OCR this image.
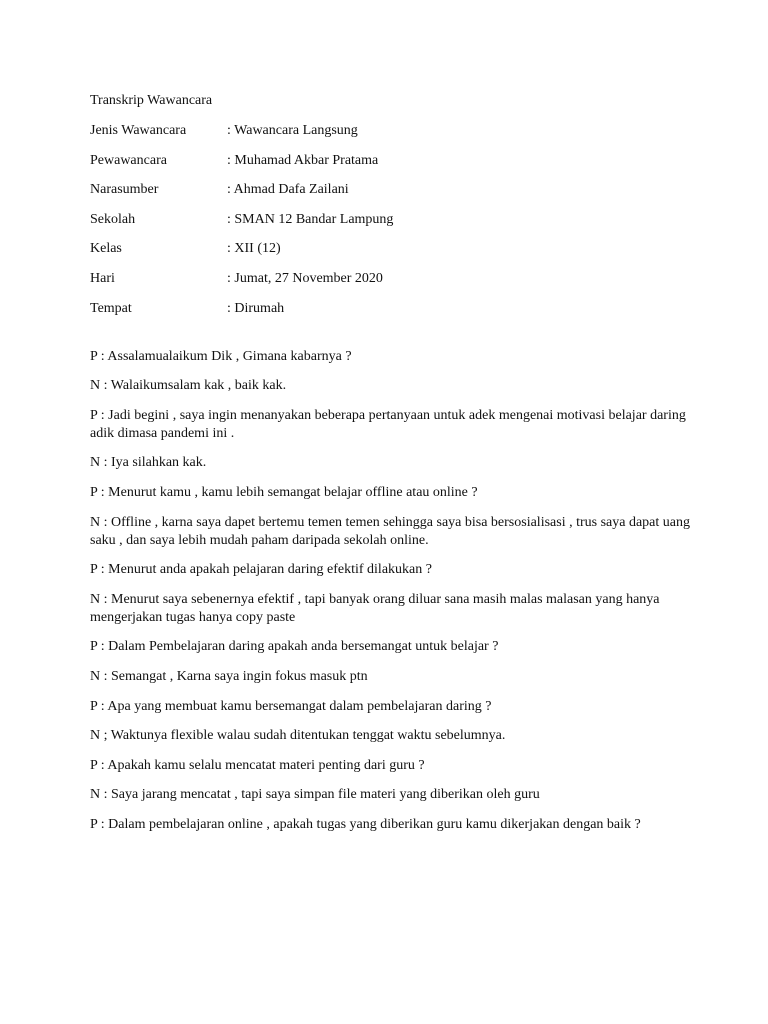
Transkrip Wawancara

Jenis Wawancara	: Wawancara Langsung
Pewawancara	: Muhamad Akbar Pratama
Narasumber	: Ahmad Dafa Zailani
Sekolah	: SMAN 12 Bandar Lampung
Kelas	: XII (12)
Hari	: Jumat, 27 November 2020
Tempat	: Dirumah

P : Assalamualaikum Dik , Gimana kabarnya ?

N : Walaikumsalam kak , baik kak.

P : Jadi begini , saya ingin menanyakan beberapa pertanyaan untuk adek mengenai motivasi belajar daring adik dimasa pandemi ini .

N : Iya silahkan kak.

P : Menurut kamu , kamu lebih semangat belajar offline atau online ?

N : Offline , karna saya dapet bertemu temen temen sehingga saya bisa bersosialisasi , trus saya dapat uang saku , dan saya lebih mudah paham daripada sekolah online.

P : Menurut anda apakah pelajaran daring efektif dilakukan ?

N : Menurut saya sebenernya efektif , tapi banyak orang diluar sana masih malas malasan yang hanya mengerjakan tugas hanya copy paste

P : Dalam Pembelajaran daring apakah anda bersemangat untuk belajar ?

N : Semangat , Karna saya ingin fokus masuk ptn

P : Apa yang membuat kamu bersemangat dalam pembelajaran daring ?

N ; Waktunya flexible walau sudah ditentukan tenggat waktu sebelumnya.

P : Apakah kamu selalu mencatat materi penting dari guru ?

N : Saya jarang mencatat , tapi saya simpan file materi yang diberikan oleh guru

P : Dalam pembelajaran online , apakah tugas yang diberikan guru kamu dikerjakan dengan baik ?
